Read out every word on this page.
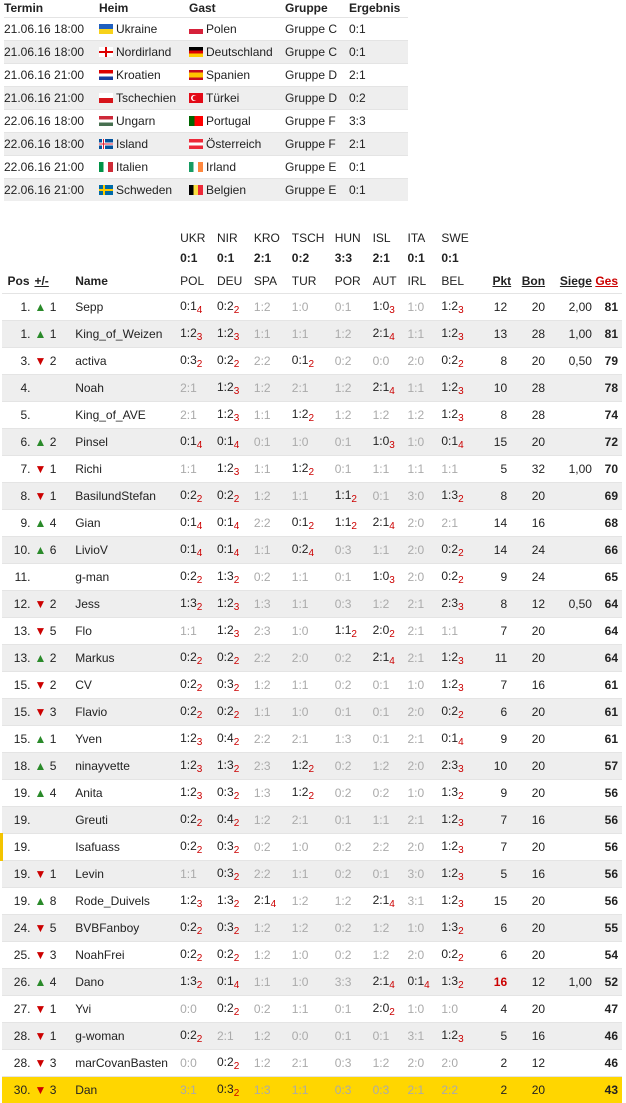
Termin	Heim	Gast	Gruppe	Ergebnis
21.06.16 18:00	Ukraine	Polen	Gruppe C	0:1
21.06.16 18:00	Nordirland	Deutschland	Gruppe C	0:1
21.06.16 21:00	Kroatien	Spanien	Gruppe D	2:1
21.06.16 21:00	Tschechien	Türkei	Gruppe D	0:2
22.06.16 18:00	Ungarn	Portugal	Gruppe F	3:3
22.06.16 18:00	Island	Österreich	Gruppe F	2:1
22.06.16 21:00	Italien	Irland	Gruppe E	0:1
22.06.16 21:00	Schweden	Belgien	Gruppe E	0:1
			UKR	NIR	KRO	TSCH	HUN	ISL	ITA	SWE				
			0:1	0:1	2:1	0:2	3:3	2:1	0:1	0:1				
Pos	+/-	Name	POL	DEU	SPA	TUR	POR	AUT	IRL	BEL	Pkt	Bon	Siege	Ges
1.	▲ 1	Sepp	$0:1_4$	$0:2_2$	1:2	1:0	0:1	$1:0_3$	1:0	$1:2_3$	12	20	2,00	81
1.	▲ 1	King_of_Weizen	$1:2_3$	$1:2_3$	1:1	1:1	1:2	$2:1_4$	1:1	$1:2_3$	13	28	1,00	81
3.	▼ 2	activa	$0:3_2$	$0:2_2$	2:2	$0:1_2$	0:2	0:0	2:0	$0:2_2$	8	20	0,50	79
4.		Noah	2:1	$1:2_3$	1:2	2:1	1:2	$2:1_4$	1:1	$1:2_3$	10	28		78
5.		King_of_AVE	2:1	$1:2_3$	1:1	$1:2_2$	1:2	1:2	1:2	$1:2_3$	8	28		74
6.	▲ 2	Pinsel	$0:1_4$	$0:1_4$	0:1	1:0	0:1	$1:0_3$	1:0	$0:1_4$	15	20		72
7.	▼ 1	Richi	1:1	$1:2_3$	1:1	$1:2_2$	0:1	1:1	1:1	1:1	5	32	1,00	70
8.	▼ 1	BasilundStefan	$0:2_2$	$0:2_2$	1:2	1:1	$1:1_2$	0:1	3:0	$1:3_2$	8	20		69
9.	▲ 4	Gian	$0:1_4$	$0:1_4$	2:2	$0:1_2$	$1:1_2$	$2:1_4$	2:0	2:1	14	16		68
10.	▲ 6	LivioV	$0:1_4$	$0:1_4$	1:1	$0:2_4$	0:3	1:1	2:0	$0:2_2$	14	24		66
11.		g-man	$0:2_2$	$1:3_2$	0:2	1:1	0:1	$1:0_3$	2:0	$0:2_2$	9	24		65
12.	▼ 2	Jess	$1:3_2$	$1:2_3$	1:3	1:1	0:3	1:2	2:1	$2:3_3$	8	12	0,50	64
13.	▼ 5	Flo	1:1	$1:2_3$	2:3	1:0	$1:1_2$	$2:0_2$	2:1	1:1	7	20		64
13.	▲ 2	Markus	$0:2_2$	$0:2_2$	2:2	2:0	0:2	$2:1_4$	2:1	$1:2_3$	11	20		64
15.	▼ 2	CV	$0:2_2$	$0:3_2$	1:2	1:1	0:2	0:1	1:0	$1:2_3$	7	16		61
15.	▼ 3	Flavio	$0:2_2$	$0:2_2$	1:1	1:0	0:1	0:1	2:0	$0:2_2$	6	20		61
15.	▲ 1	Yven	$1:2_3$	$0:4_2$	2:2	2:1	1:3	0:1	2:1	$0:1_4$	9	20		61
18.	▲ 5	ninayvette	$1:2_3$	$1:3_2$	2:3	$1:2_2$	0:2	1:2	2:0	$2:3_3$	10	20		57
19.	▲ 4	Anita	$1:2_3$	$0:3_2$	1:3	$1:2_2$	0:2	0:2	1:0	$1:3_2$	9	20		56
19.		Greuti	$0:2_2$	$0:4_2$	1:2	2:1	0:1	1:1	2:1	$1:2_3$	7	16		56
19.		Isafuass	$0:2_2$	$0:3_2$	0:2	1:0	0:2	2:2	2:0	$1:2_3$	7	20		56
19.	▼ 1	Levin	1:1	$0:3_2$	2:2	1:1	0:2	0:1	3:0	$1:2_3$	5	16		56
19.	▲ 8	Rode_Duivels	$1:2_3$	$1:3_2$	$2:1_4$	1:2	1:2	$2:1_4$	3:1	$1:2_3$	15	20		56
24.	▼ 5	BVBFanboy	$0:2_2$	$0:3_2$	1:2	1:2	0:2	1:2	1:0	$1:3_2$	6	20		55
25.	▼ 3	NoahFrei	$0:2_2$	$0:2_2$	1:2	1:0	0:2	1:2	2:0	$0:2_2$	6	20		54
26.	▲ 4	Dano	$1:3_2$	$0:1_4$	1:1	1:0	3:3	$2:1_4$	$0:1_4$	$1:3_2$	16	12	1,00	52
27.	▼ 1	Yvi	0:0	$0:2_2$	0:2	1:1	0:1	$2:0_2$	1:0	1:0	4	20		47
28.	▼ 1	g-woman	$0:2_2$	2:1	1:2	0:0	0:1	0:1	3:1	$1:2_3$	5	16		46
28.	▼ 3	marCovanBasten	0:0	$0:2_2$	1:2	2:1	0:3	1:2	2:0	2:0	2	12		46
30.	▼ 3	Dan	3:1	$0:3_2$	1:3	1:1	0:3	0:3	2:1	2:2	2	20		43
